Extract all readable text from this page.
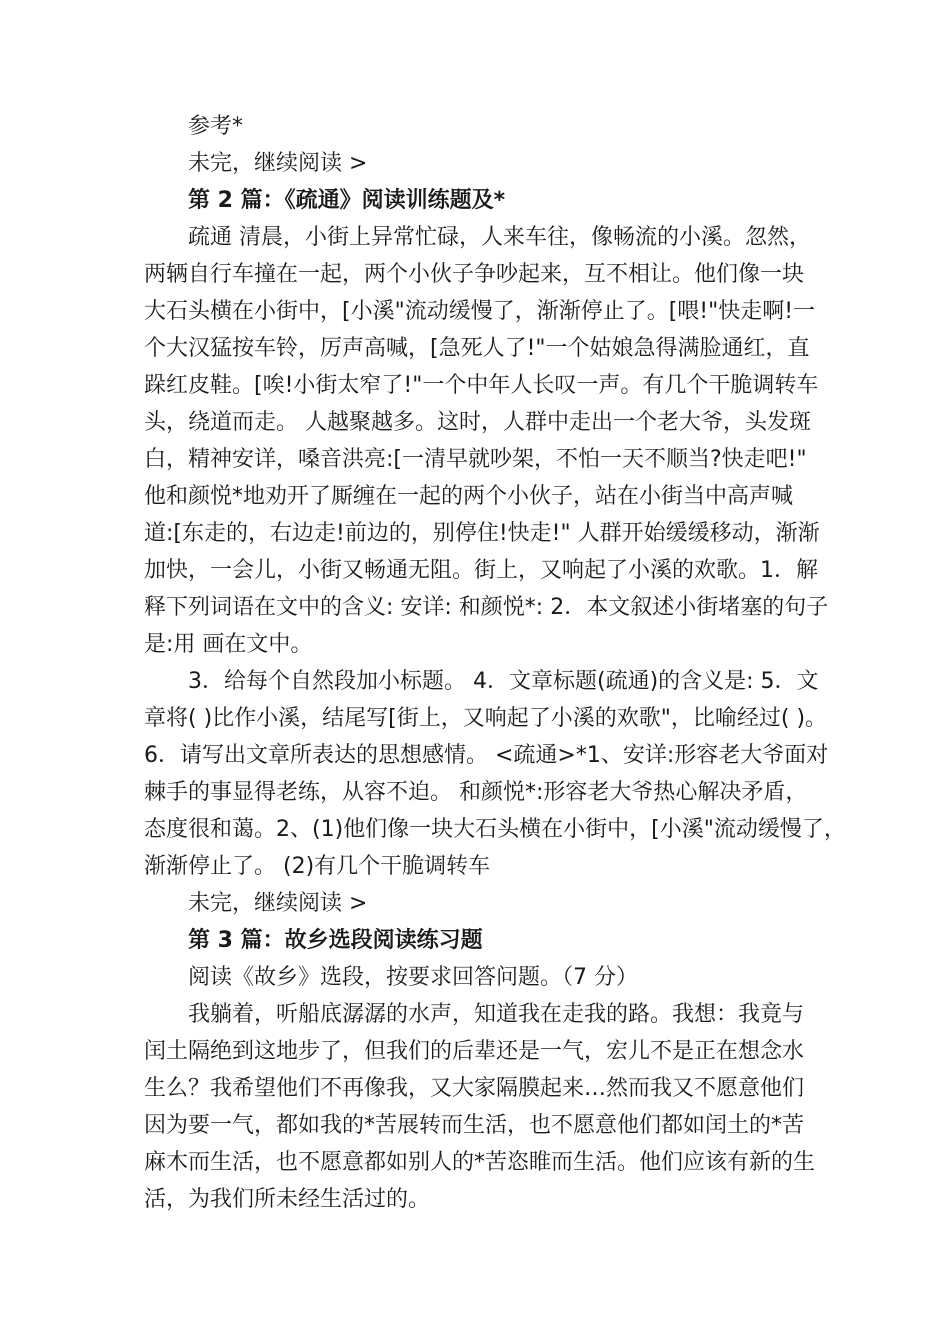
参考*
未完，继续阅读 >
第 2 篇：《疏通》阅读训练题及*
疏通 清晨，小街上异常忙碌，人来车往，像畅流的小溪。忽然，
两辆自行车撞在一起，两个小伙子争吵起来，互不相让。他们像一块
大石头横在小街中，[小溪"流动缓慢了，渐渐停止了。[喂!"快走啊!一
个大汉猛按车铃，厉声高喊，[急死人了!"一个姑娘急得满脸通红，直
跺红皮鞋。[唉!小街太窄了!"一个中年人长叹一声。有几个干脆调转车
头，绕道而走。 人越聚越多。这时，人群中走出一个老大爷，头发斑
白，精神安详，嗓音洪亮:[一清早就吵架，不怕一天不顺当?快走吧!"
他和颜悦*地劝开了厮缠在一起的两个小伙子，站在小街当中高声喊
道:[东走的，右边走!前边的，别停住!快走!" 人群开始缓缓移动，渐渐
加快，一会儿，小街又畅通无阻。街上，又响起了小溪的欢歌。1．解
释下列词语在文中的含义: 安详: 和颜悦*: 2．本文叙述小街堵塞的句子
是:用 画在文中。
3．给每个自然段加小标题。 4．文章标题(疏通)的含义是: 5．文
章将( )比作小溪，结尾写[街上，又响起了小溪的欢歌"，比喻经过( )。
6．请写出文章所表达的思想感情。 <疏通>*1、安详:形容老大爷面对
棘手的事显得老练，从容不迫。 和颜悦*:形容老大爷热心解决矛盾，
态度很和蔼。2、(1)他们像一块大石头横在小街中，[小溪"流动缓慢了，
渐渐停止了。 (2)有几个干脆调转车
未完，继续阅读 >
第 3 篇：故乡选段阅读练习题
阅读《故乡》选段，按要求回答问题。（7 分）
我躺着，听船底潺潺的水声，知道我在走我的路。我想：我竟与
闰土隔绝到这地步了，但我们的后辈还是一气，宏儿不是正在想念水
生么？我希望他们不再像我，又大家隔膜起来…然而我又不愿意他们
因为要一气，都如我的*苦展转而生活，也不愿意他们都如闰土的*苦
麻木而生活，也不愿意都如别人的*苦恣睢而生活。他们应该有新的生
活，为我们所未经生活过的。
